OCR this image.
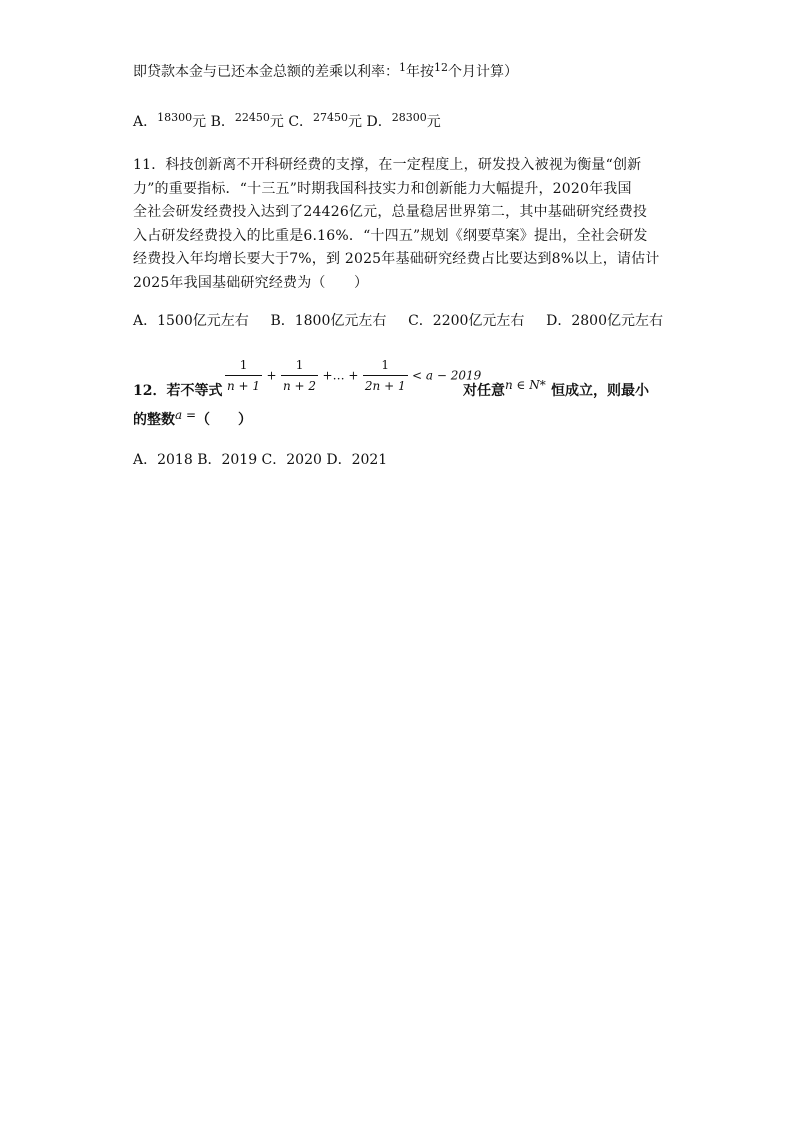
即贷款本金与已还本金总额的差乘以利率：$^1$年按$^{12}$个月计算）
A．$^{18300}$元 B．$^{22450}$元 C．$^{27450}$元 D．$^{28300}$元
11．科技创新离不开科研经费的支撑，在一定程度上，研发投入被视为衡量“创新
力”的重要指标．“十三五”时期我国科技实力和创新能力大幅提升，2020年我国
全社会研发经费投入达到了24426亿元，总量稳居世界第二，其中基础研究经费投
入占研发经费投入的比重是6.16%．“十四五”规划《纲要草案》提出，全社会研发
经费投入年均增长要大于7%，到 2025年基础研究经费占比要达到8%以上，请估计
2025年我国基础研究经费为（　　）
A．1500亿元左右 B．1800亿元左右 C．2200亿元左右 D．2800亿元左右
12．若不等式 $\frac{1}{n + 1} + \frac{1}{n + 2}$ +… + $\frac{1}{2n + 1} < a - 2019$
对任意 n ∈ N* 恒成立，则最小
的整数a =（　　）
A．2018 B．2019 C．2020 D．2021
